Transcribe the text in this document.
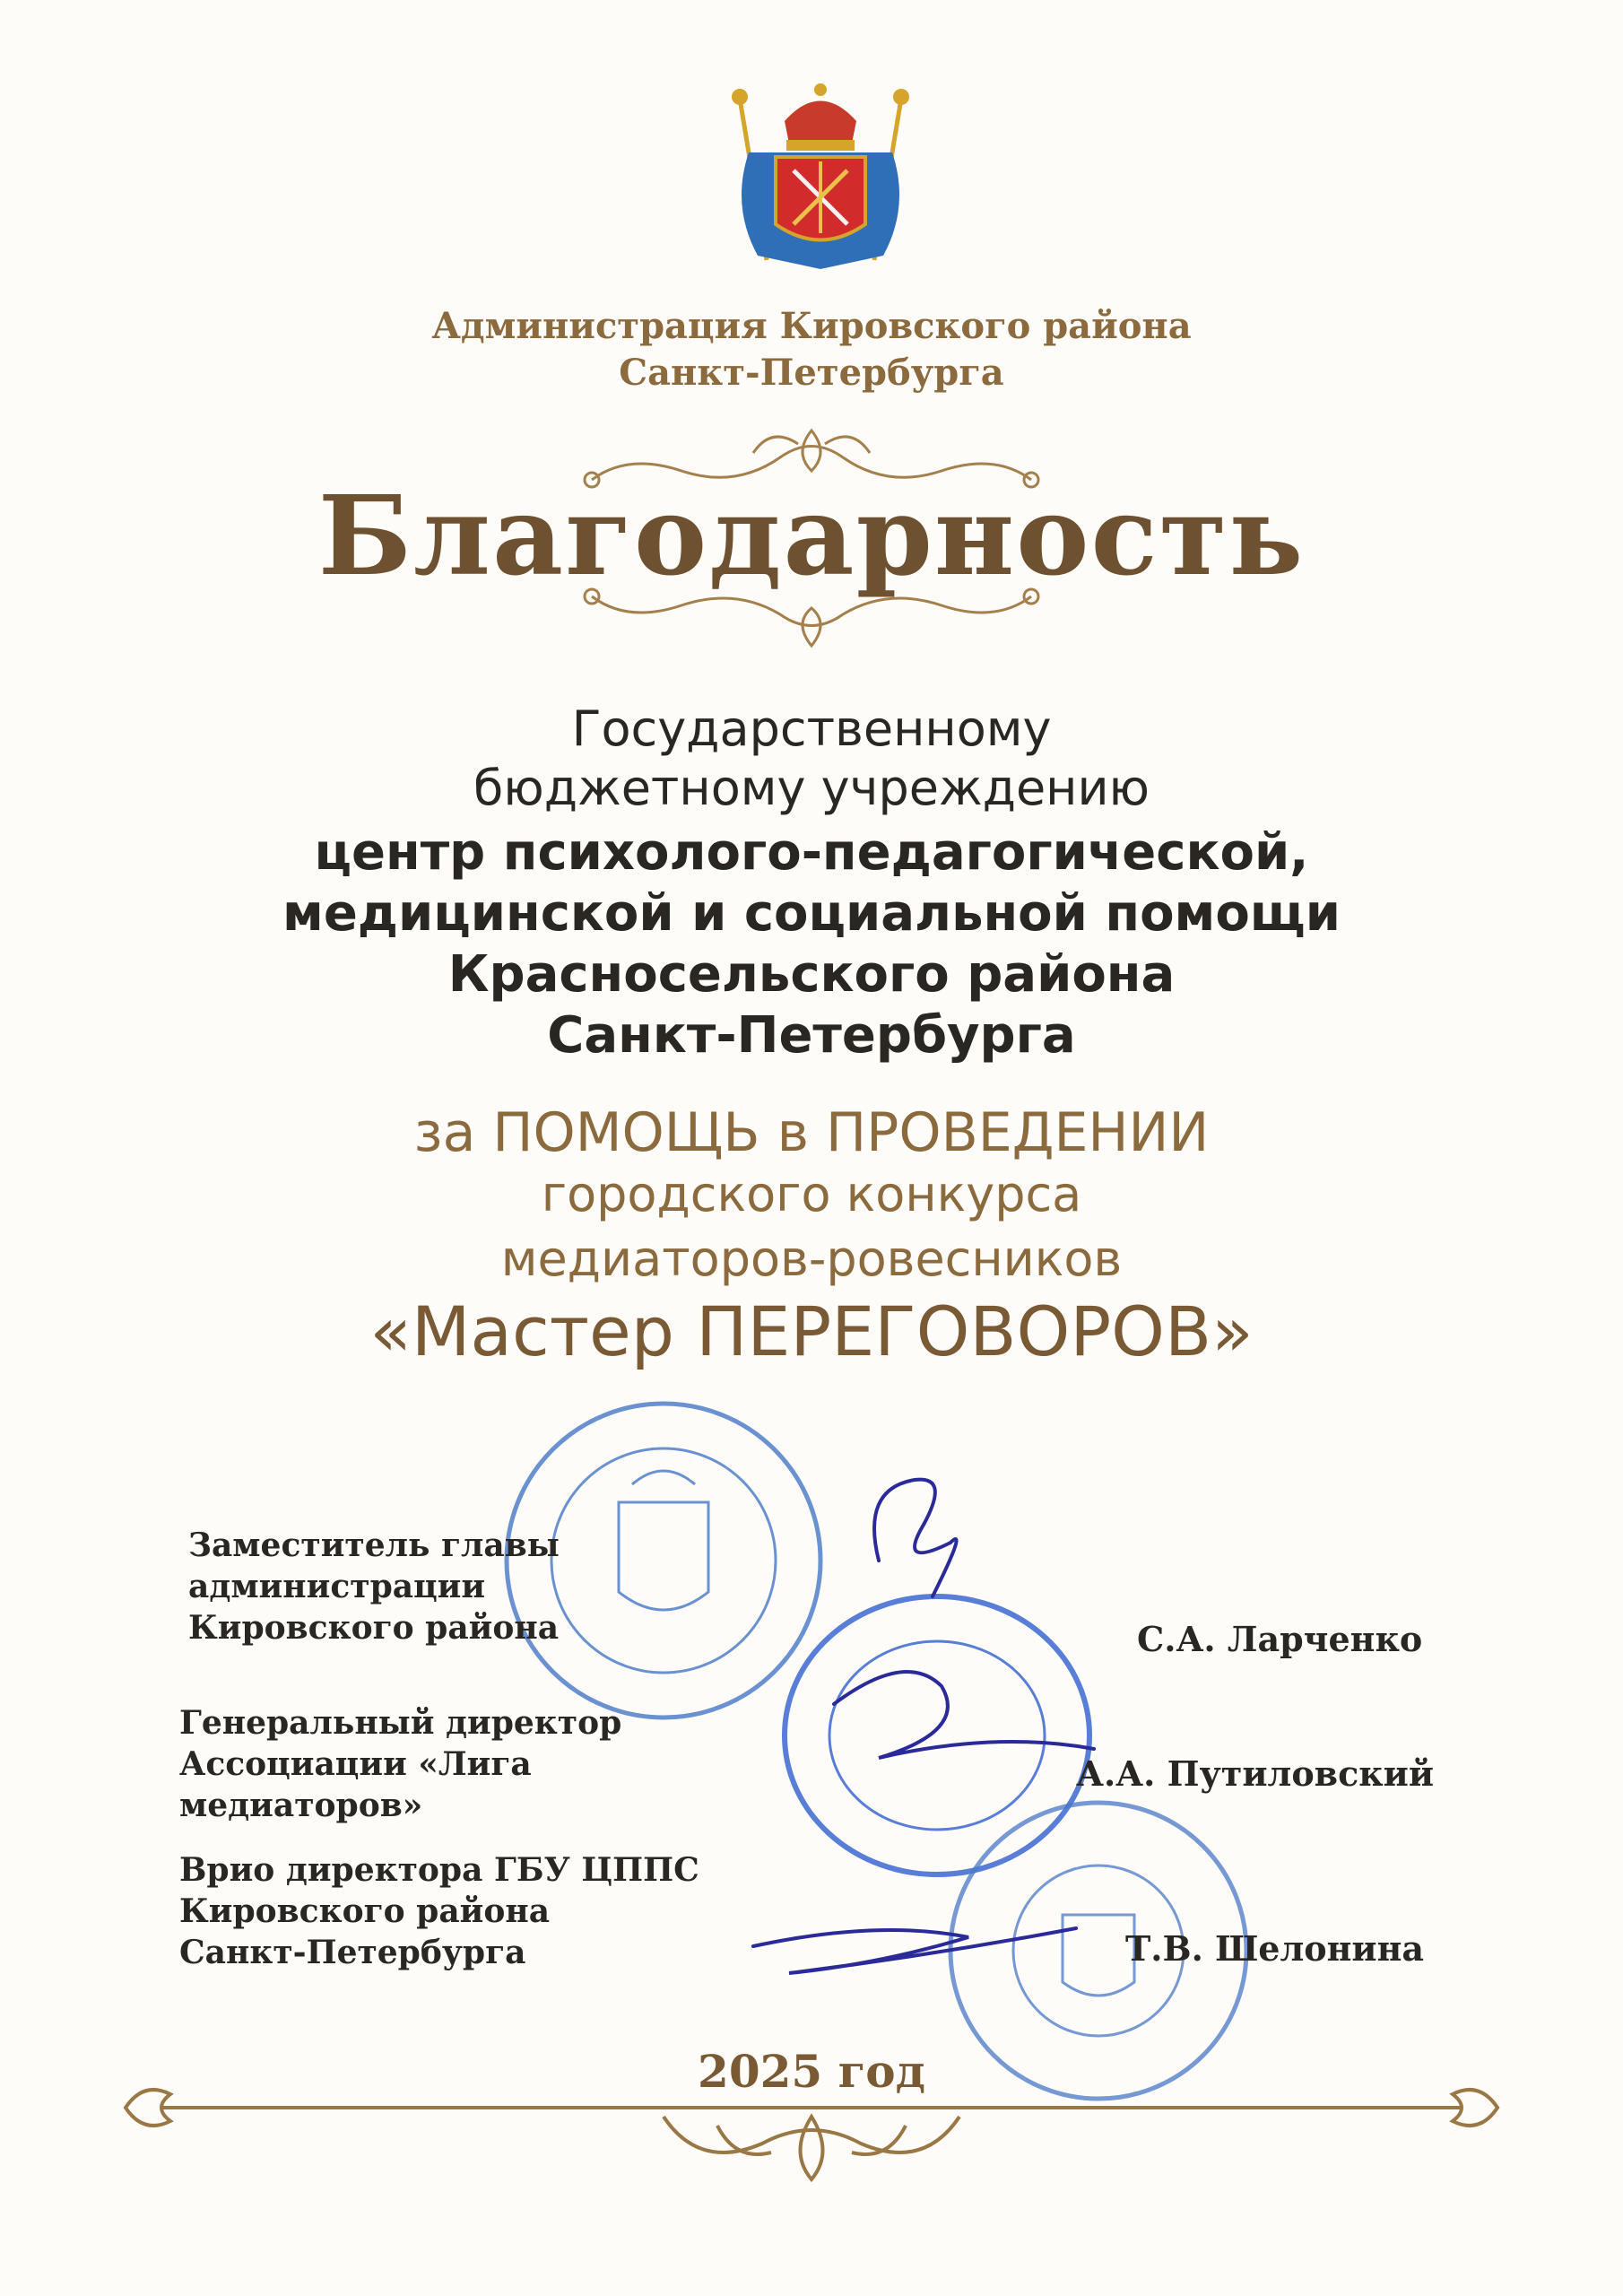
Администрация Кировского района
Санкт-Петербурга
Благодарность
Государственному
бюджетному учреждению
центр психолого-педагогической,
медицинской и социальной помощи
Красносельского района
Санкт-Петербурга
за ПОМОЩЬ в ПРОВЕДЕНИИ
городского конкурса
медиаторов-ровесников
«Мастер ПЕРЕГОВОРОВ»
Заместитель главы
администрации
Кировского района	С.А. Ларченко
Генеральный директор
Ассоциации «Лига медиаторов»
А.А. Путиловский
Врио директора ГБУ ЦППС
Кировского района
Санкт-Петербурга	Т.В. Шелонина
2025 год
